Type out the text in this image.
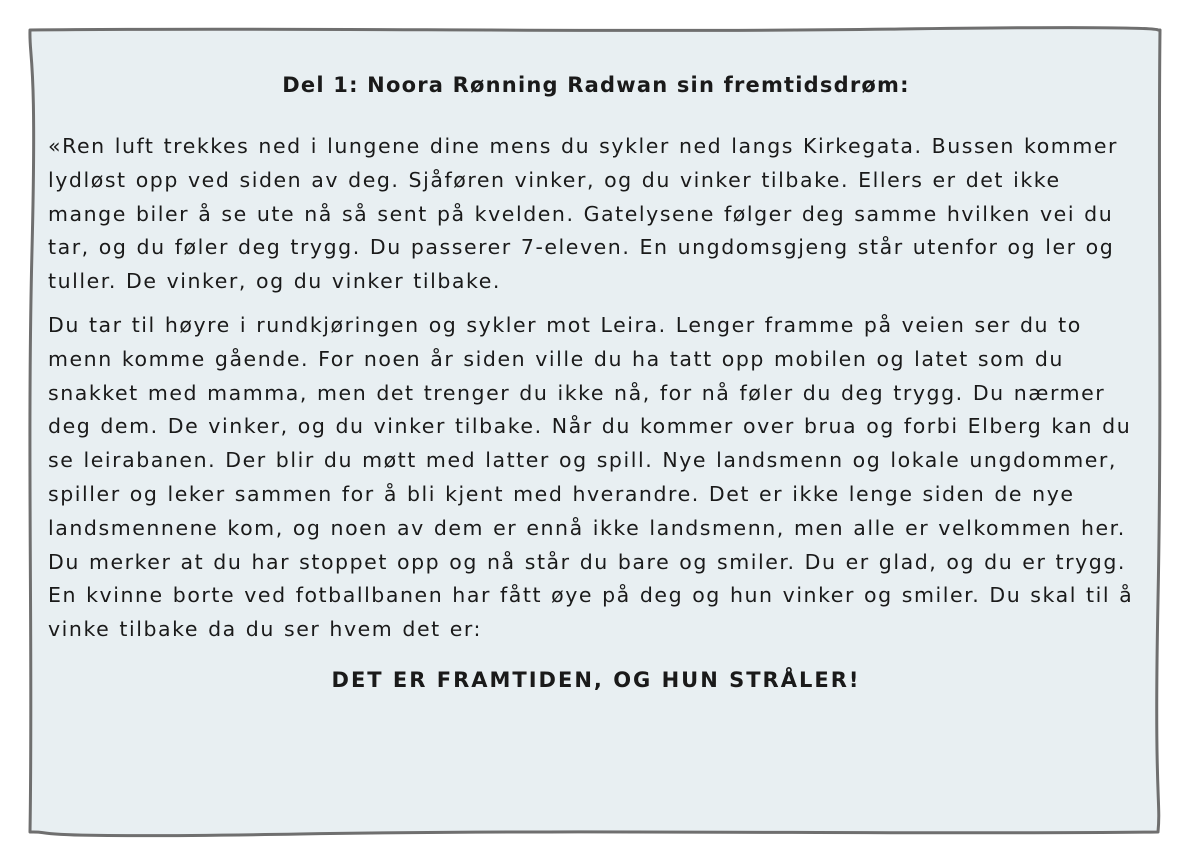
Del 1: Noora Rønning Radwan sin fremtidsdrøm:

«Ren luft trekkes ned i lungene dine mens du sykler ned langs Kirkegata. Bussen kommer lydløst opp ved siden av deg. Sjåføren vinker, og du vinker tilbake. Ellers er det ikke mange biler å se ute nå så sent på kvelden. Gatelysene følger deg samme hvilken vei du tar, og du føler deg trygg. Du passerer 7-eleven. En ungdomsgjeng står utenfor og ler og tuller. De vinker, og du vinker tilbake.

Du tar til høyre i rundkjøringen og sykler mot Leira. Lenger framme på veien ser du to menn komme gående. For noen år siden ville du ha tatt opp mobilen og latet som du snakket med mamma, men det trenger du ikke nå, for nå føler du deg trygg. Du nærmer deg dem. De vinker, og du vinker tilbake. Når du kommer over brua og forbi Elberg kan du se leirabanen. Der blir du møtt med latter og spill. Nye landsmenn og lokale ungdommer, spiller og leker sammen for å bli kjent med hverandre. Det er ikke lenge siden de nye landsmennene kom, og noen av dem er ennå ikke landsmenn, men alle er velkommen her. Du merker at du har stoppet opp og nå står du bare og smiler. Du er glad, og du er trygg. En kvinne borte ved fotballbanen har fått øye på deg og hun vinker og smiler. Du skal til å vinke tilbake da du ser hvem det er:

DET ER FRAMTIDEN, OG HUN STRÅLER!
